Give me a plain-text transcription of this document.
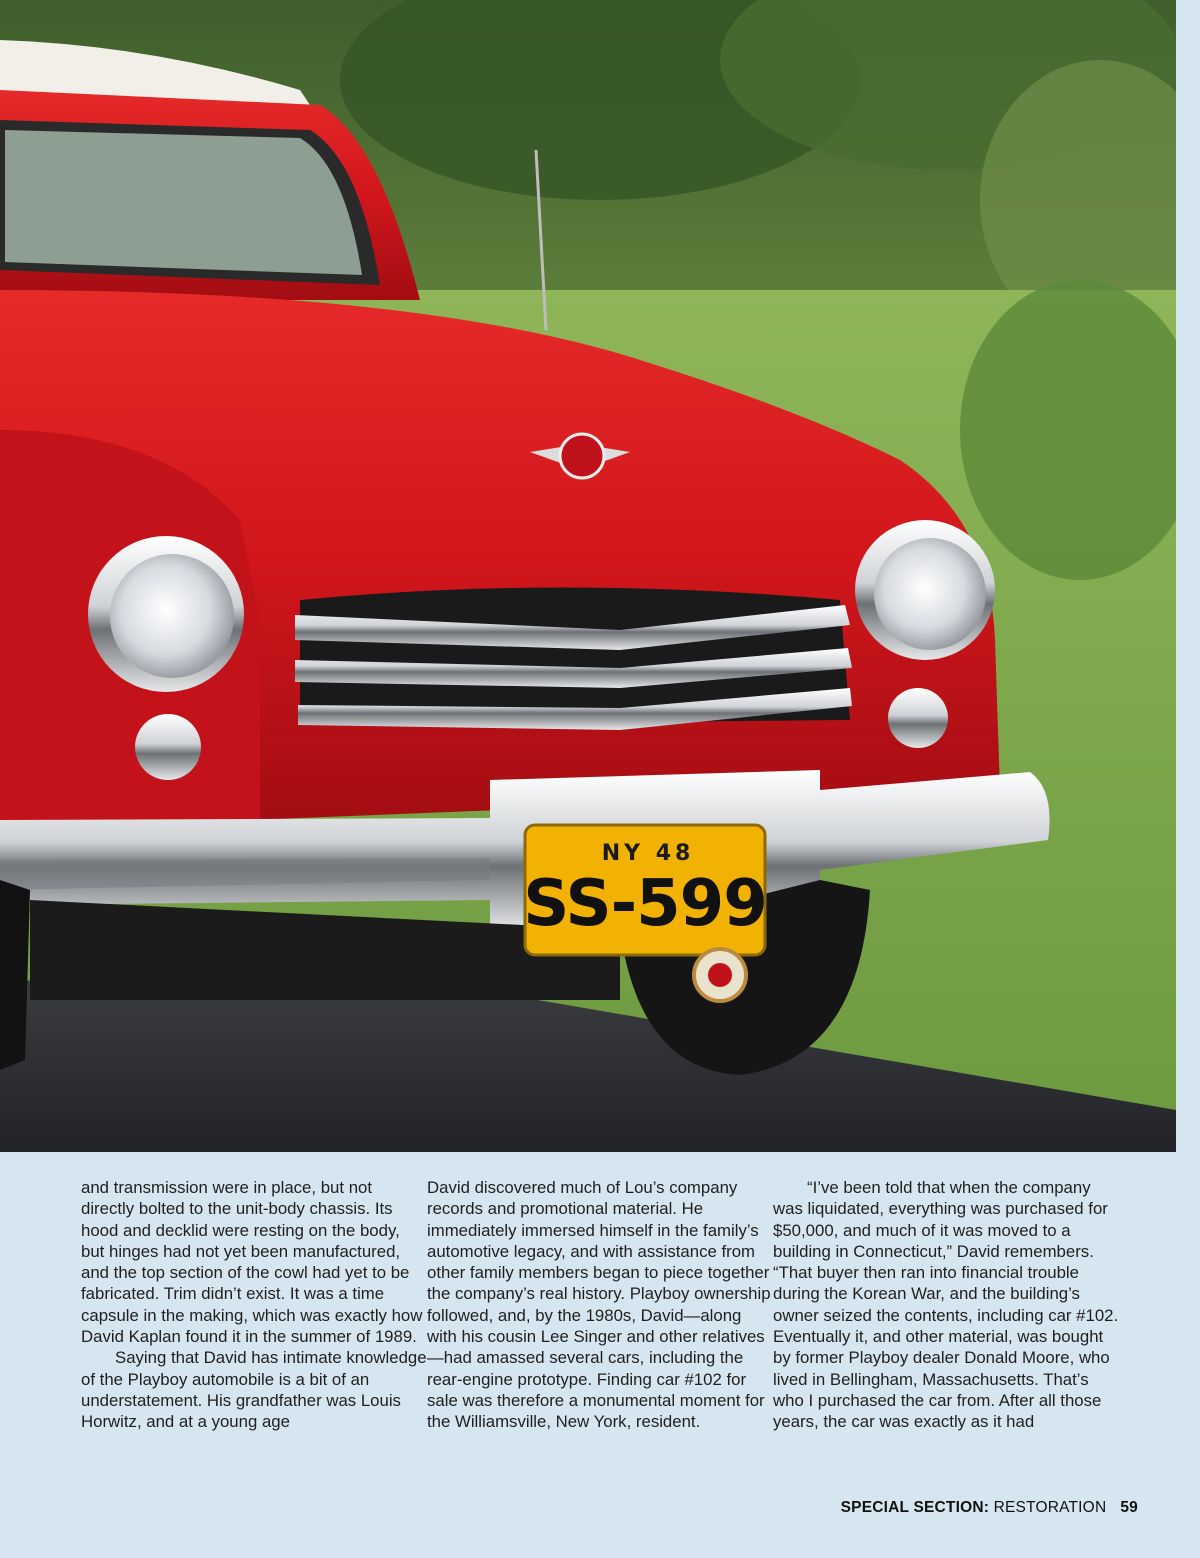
NY 48
SS-599

and transmission were in place, but not directly bolted to the unit-body chassis. Its hood and decklid were resting on the body, but hinges had not yet been manufactured, and the top section of the cowl had yet to be fabricated. Trim didn’t exist. It was a time capsule in the making, which was exactly how David Kaplan found it in the summer of 1989.

Saying that David has intimate knowledge of the Playboy automobile is a bit of an understatement. His grandfather was Louis Horwitz, and at a young age

David discovered much of Lou’s company records and promotional material. He immediately immersed himself in the family’s automotive legacy, and with assistance from other family members began to piece together the company’s real history. Playboy ownership followed, and, by the 1980s, David—along with his cousin Lee Singer and other relatives—had amassed several cars, including the rear-engine prototype. Finding car #102 for sale was therefore a monumental moment for the Williamsville, New York, resident.

“I’ve been told that when the company was liquidated, everything was purchased for $50,000, and much of it was moved to a building in Connecticut,” David remembers. “That buyer then ran into financial trouble during the Korean War, and the building’s owner seized the contents, including car #102. Eventually it, and other material, was bought by former Playboy dealer Donald Moore, who lived in Bellingham, Massachusetts. That’s who I purchased the car from. After all those years, the car was exactly as it had

SPECIAL SECTION: RESTORATION 59
